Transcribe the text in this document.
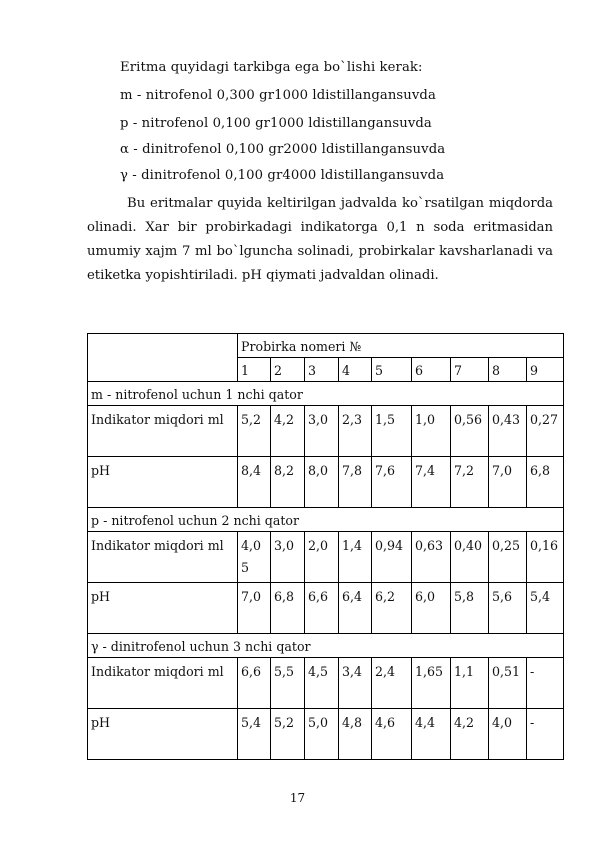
Eritma quyidagi tarkibga ega bo`lishi kerak:
m - nitrofenol 0,300 gr1000 ldistillangansuvda
p - nitrofenol 0,100 gr1000 ldistillangansuvda
α - dinitrofenol 0,100 gr2000 ldistillangansuvda
γ - dinitrofenol 0,100 gr4000 ldistillangansuvda
Bu eritmalar quyida keltirilgan jadvalda ko`rsatilgan miqdorda olinadi. Xar bir probirkadagi indikatorga 0,1 n soda eritmasidan umumiy xajm 7 ml bo`lguncha solinadi, probirkalar kavsharlanadi va etiketka yopishtiriladi. pH qiymati jadvaldan olinadi.
	Probirka nomeri №								
	1	2	3	4	5	6	7	8	9
m - nitrofenol uchun 1 nchi qator									
Indikator miqdori ml	5,2	4,2	3,0	2,3	1,5	1,0	0,56	0,43	0,27
pH	8,4	8,2	8,0	7,8	7,6	7,4	7,2	7,0	6,8
p - nitrofenol uchun 2 nchi qator									
Indikator miqdori ml	4,05	3,0	2,0	1,4	0,94	0,63	0,40	0,25	0,16
pH	7,0	6,8	6,6	6,4	6,2	6,0	5,8	5,6	5,4
γ - dinitrofenol uchun 3 nchi qator									
Indikator miqdori ml	6,6	5,5	4,5	3,4	2,4	1,65	1,1	0,51	-
pH	5,4	5,2	5,0	4,8	4,6	4,4	4,2	4,0	-
17
